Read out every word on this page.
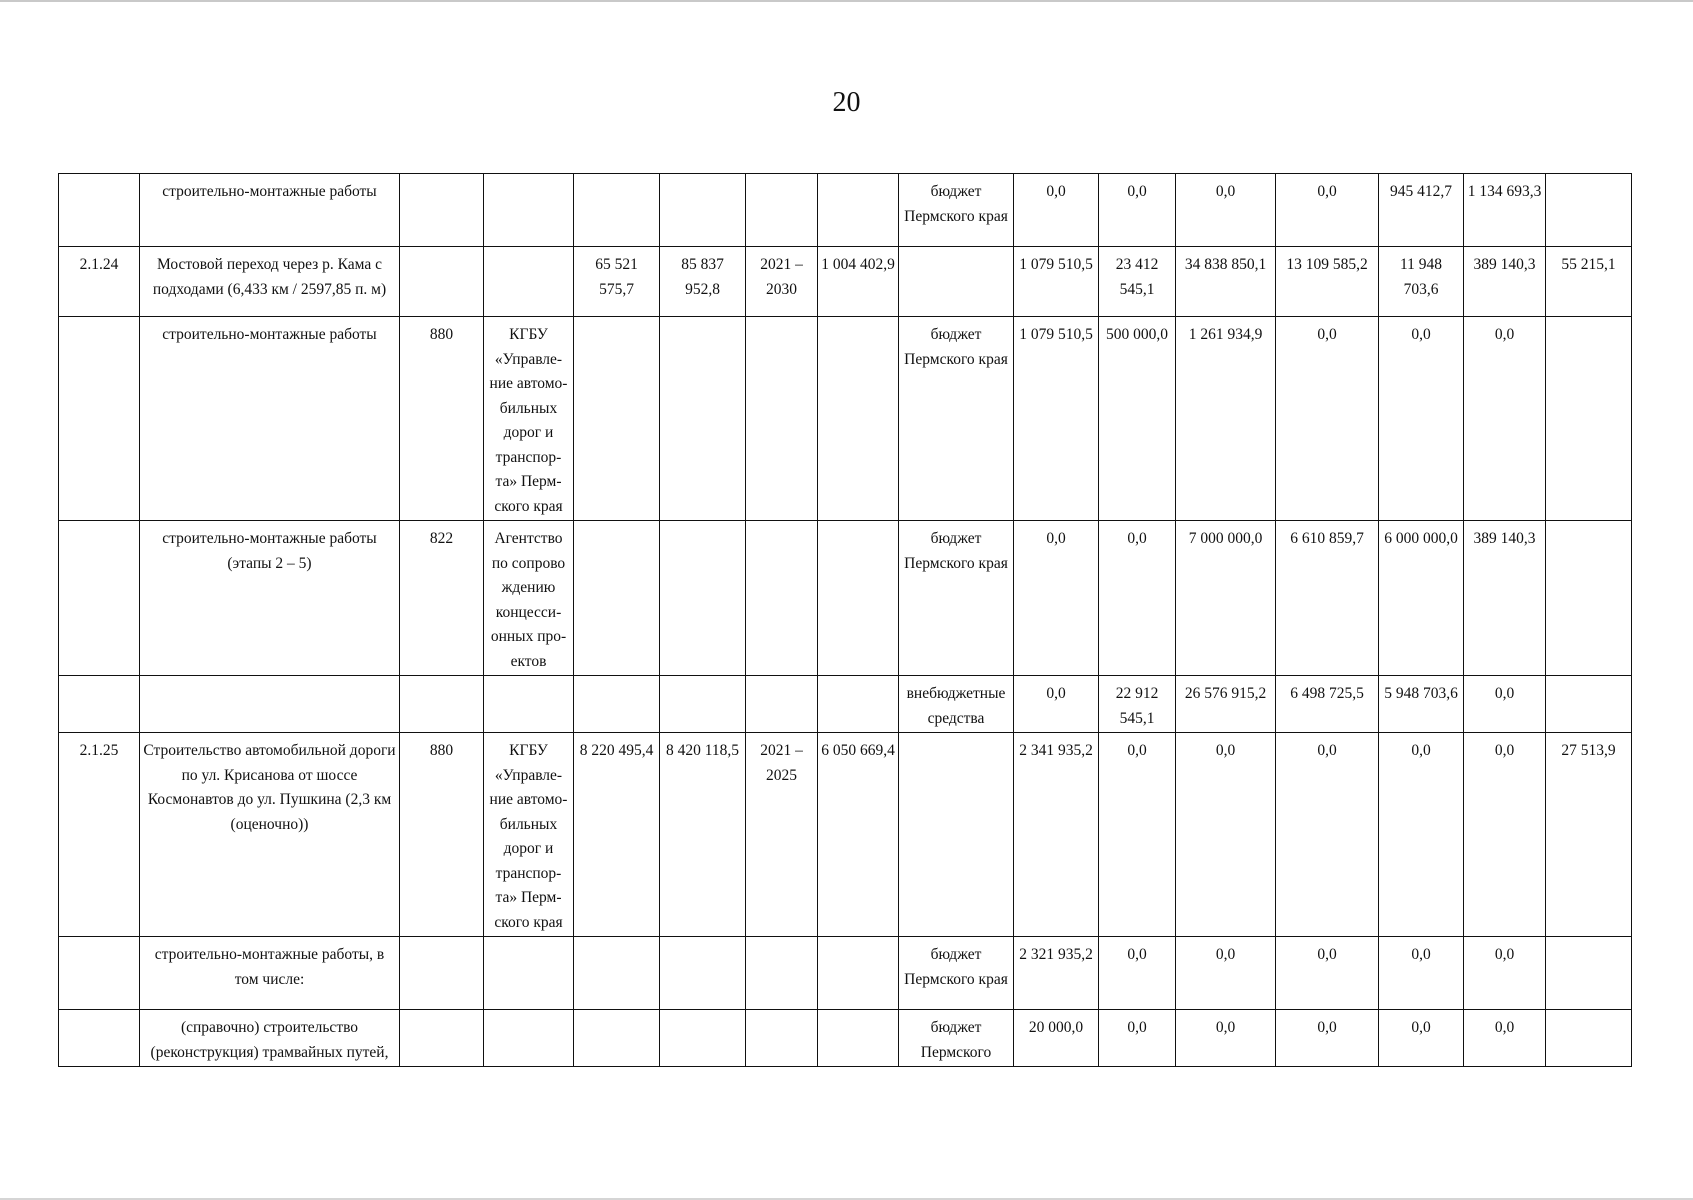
20
	строительно-монтажные работы							бюджет Пермского края	0,0	0,0	0,0	0,0	945 412,7	1 134 693,3	
2.1.24	Мостовой переход через р. Кама с подходами (6,433 км / 2597,85 п. м)			65 521 575,7	85 837 952,8	2021 – 2030	1 004 402,9		1 079 510,5	23 412 545,1	34 838 850,1	13 109 585,2	11 948 703,6	389 140,3	55 215,1
	строительно-монтажные работы	880	КГБУ «Управле-ние автомо-бильных дорог и транспор-та» Перм-ского края					бюджет Пермского края	1 079 510,5	500 000,0	1 261 934,9	0,0	0,0	0,0	
	строительно-монтажные работы (этапы 2 – 5)	822	Агентство по сопрово ждению концесси-онных про-ектов					бюджет Пермского края	0,0	0,0	7 000 000,0	6 610 859,7	6 000 000,0	389 140,3	
								внебюджетные средства	0,0	22 912 545,1	26 576 915,2	6 498 725,5	5 948 703,6	0,0	
2.1.25	Строительство автомобильной дороги по ул. Крисанова от шоссе Космонавтов до ул. Пушкина (2,3 км (оценочно))	880	КГБУ «Управле-ние автомо-бильных дорог и транспор-та» Перм-ского края	8 220 495,4	8 420 118,5	2021 – 2025	6 050 669,4		2 341 935,2	0,0	0,0	0,0	0,0	0,0	27 513,9
	строительно-монтажные работы, в том числе:							бюджет Пермского края	2 321 935,2	0,0	0,0	0,0	0,0	0,0	
	(справочно) строительство (реконструкция) трамвайных путей,							бюджет Пермского	20 000,0	0,0	0,0	0,0	0,0	0,0	
